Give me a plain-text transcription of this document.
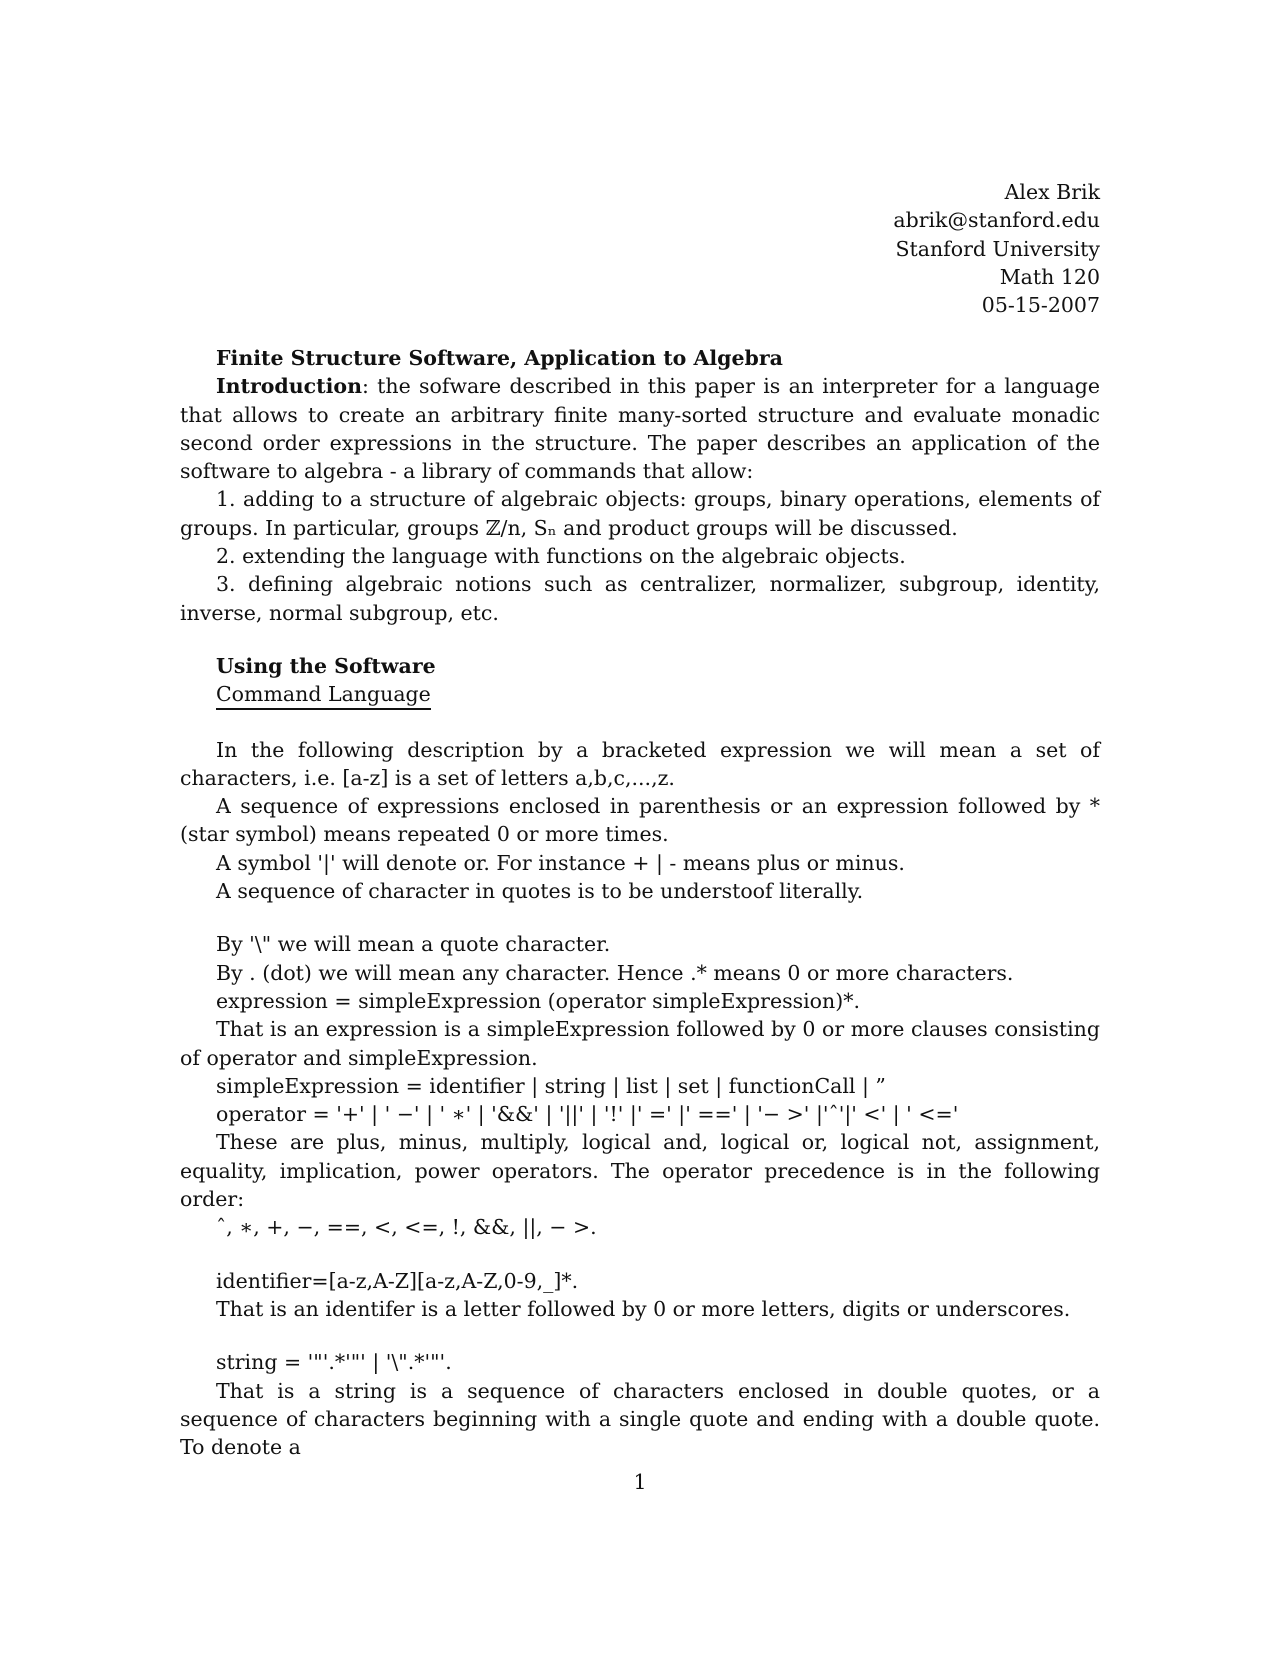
Alex Brik
abrik@stanford.edu
Stanford University
Math 120
05-15-2007

Finite Structure Software, Application to Algebra

Introduction: the sofware described in this paper is an interpreter for a language that allows to create an arbitrary finite many-sorted structure and evaluate monadic second order expressions in the structure. The paper describes an application of the software to algebra - a library of commands that allow:

1. adding to a structure of algebraic objects: groups, binary operations, elements of groups. In particular, groups ℤ/n, Sₙ and product groups will be discussed.

2. extending the language with functions on the algebraic objects.

3. defining algebraic notions such as centralizer, normalizer, subgroup, identity, inverse, normal subgroup, etc.

Using the Software

Command Language

In the following description by a bracketed expression we will mean a set of characters, i.e. [a-z] is a set of letters a,b,c,...,z.

A sequence of expressions enclosed in parenthesis or an expression followed by * (star symbol) means repeated 0 or more times.

A symbol '|' will denote or. For instance + | - means plus or minus.

A sequence of character in quotes is to be understoof literally.

By '\" we will mean a quote character.

By . (dot) we will mean any character. Hence .* means 0 or more characters.

expression = simpleExpression (operator simpleExpression)*.

That is an expression is a simpleExpression followed by 0 or more clauses consisting of operator and simpleExpression.

simpleExpression = identifier | string | list | set | functionCall | ”

operator = '+' | ' −' | ' ∗' | '&&' | '||' | '!' |' =' |' ==' | '− >' |'ˆ'|' <' | ' <='

These are plus, minus, multiply, logical and, logical or, logical not, assignment, equality, implication, power operators. The operator precedence is in the following order:

ˆ, ∗, +, −, ==, <, <=, !, &&, ||, − >.

identifier=[a-z,A-Z][a-z,A-Z,0-9,_]*.

That is an identifer is a letter followed by 0 or more letters, digits or underscores.

string = '"'.*'"' | '\".*'"'.

That is a string is a sequence of characters enclosed in double quotes, or a sequence of characters beginning with a single quote and ending with a double quote. To denote a

1
